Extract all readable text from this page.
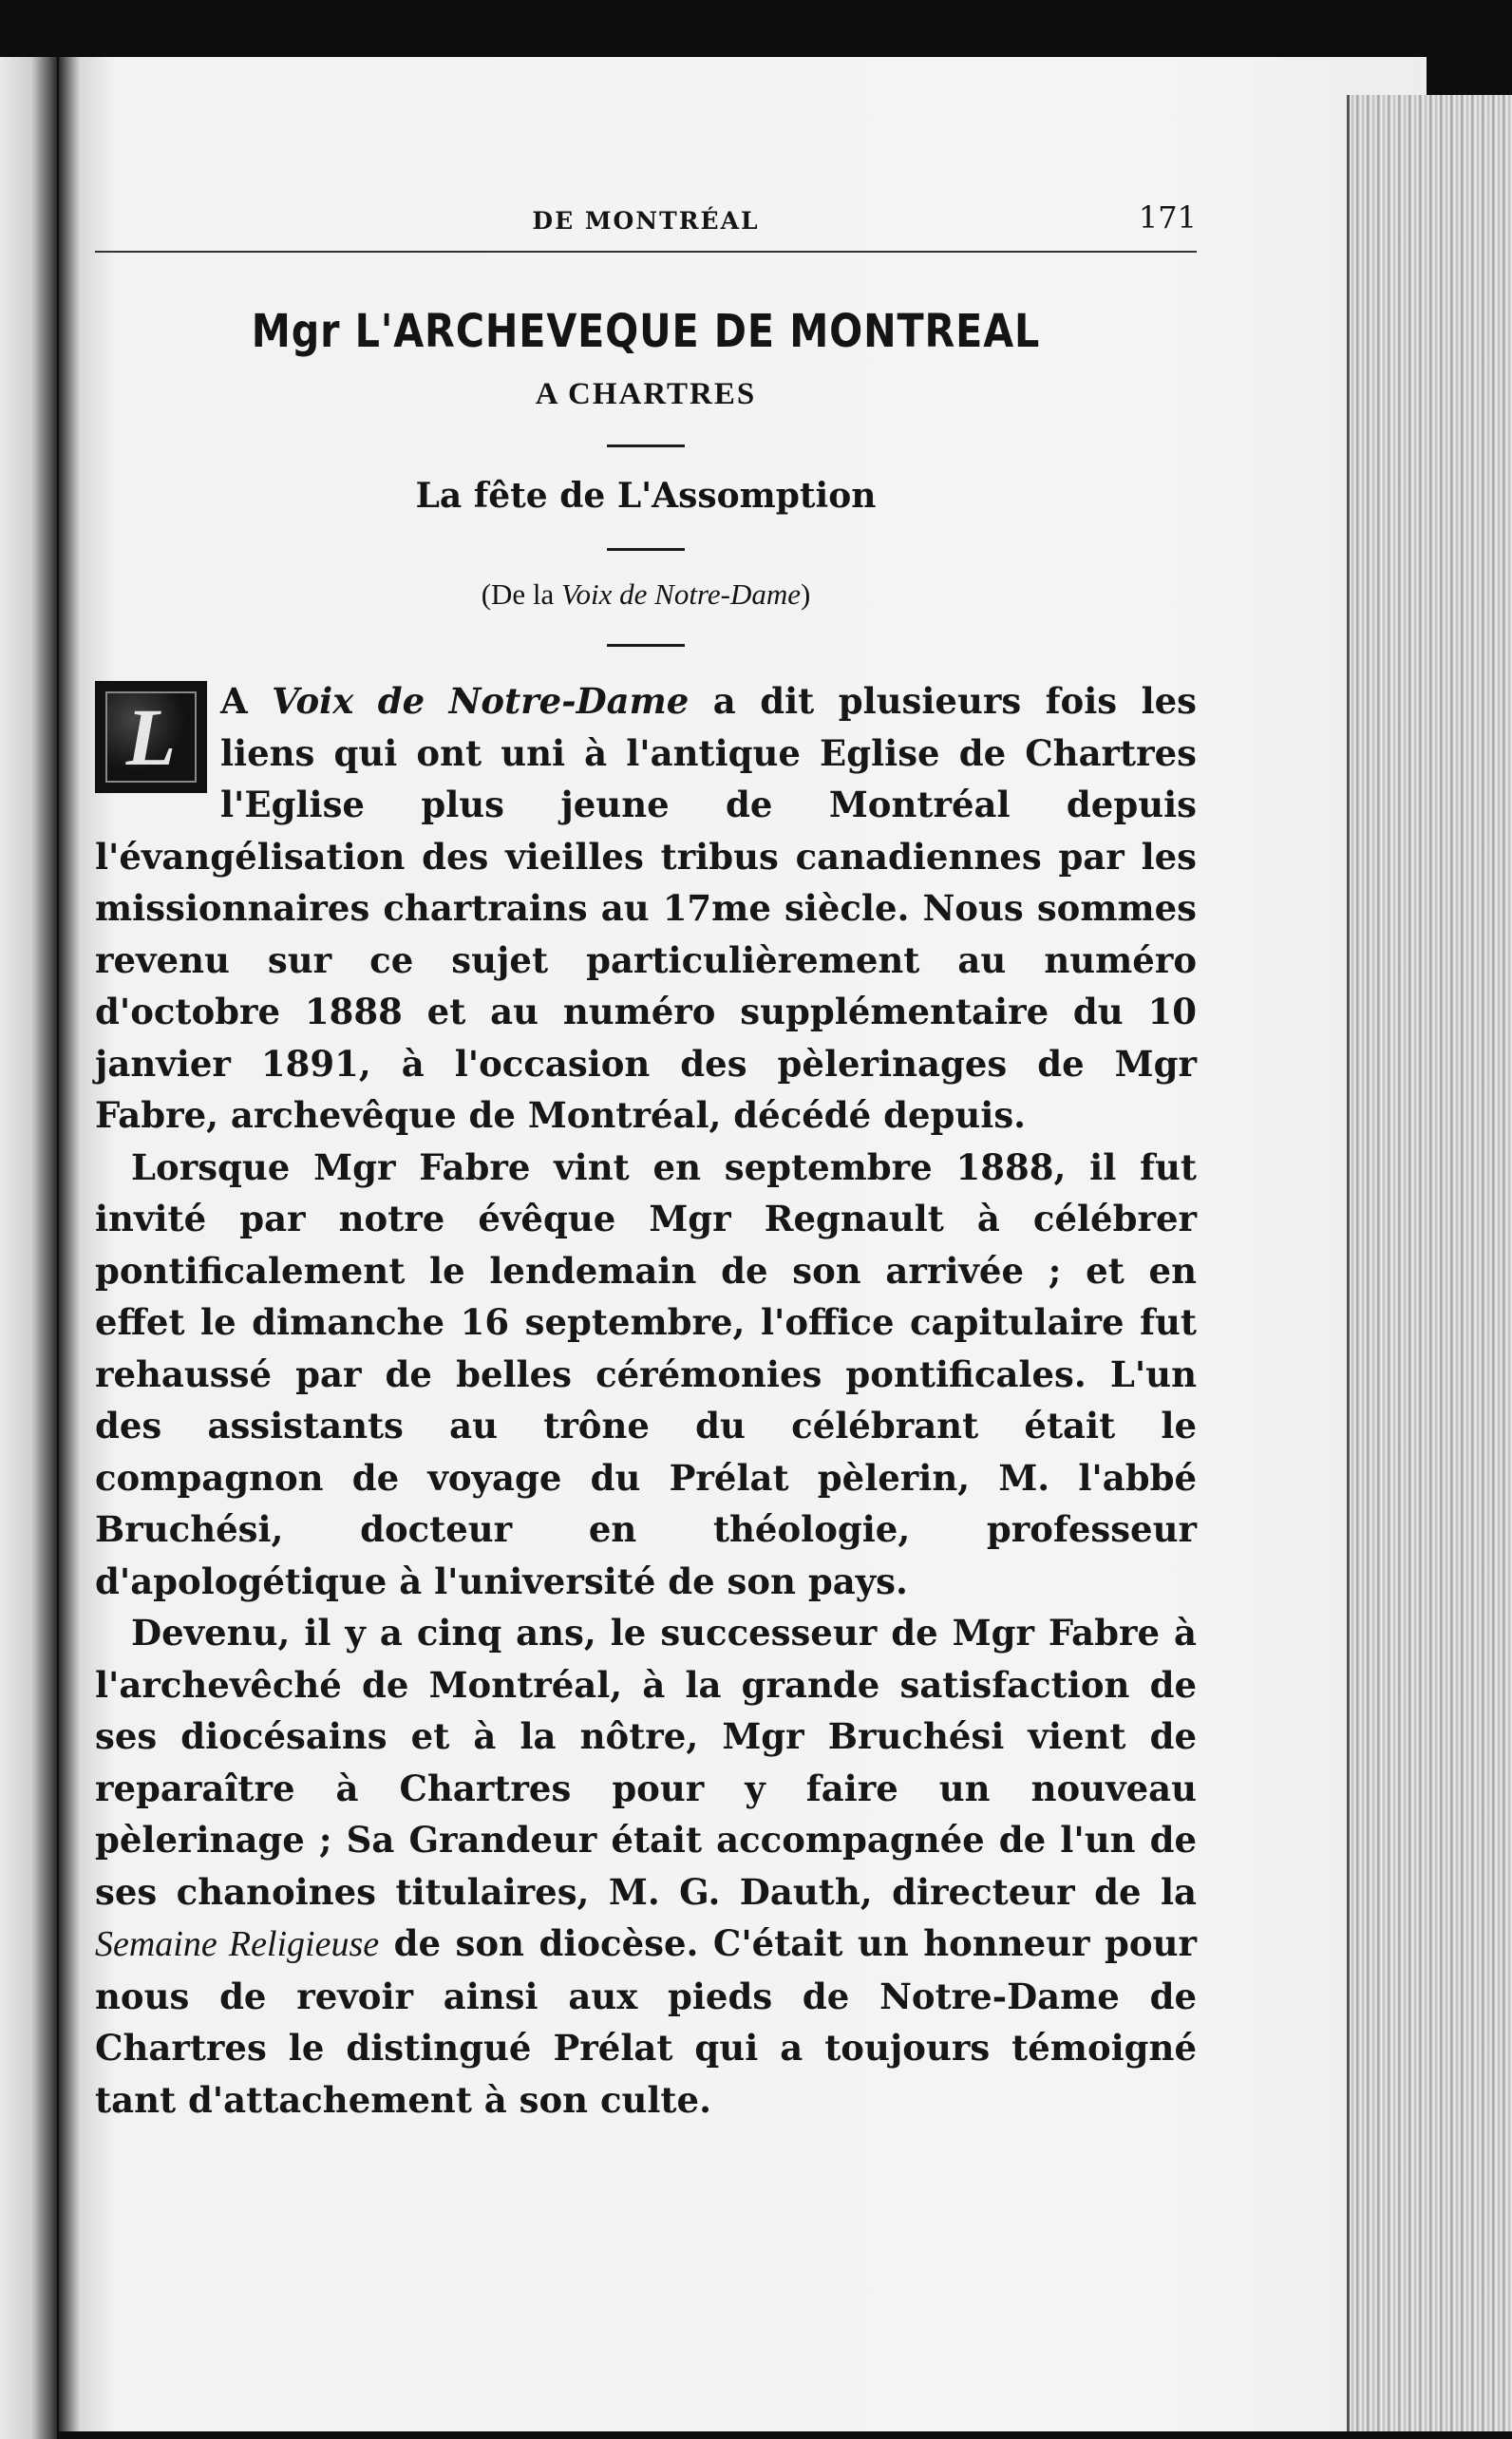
DE MONTRÉAL	171
Mgr L'ARCHEVEQUE DE MONTREAL
A CHARTRES
La fête de L'Assomption
(De la Voix de Notre-Dame)

L	A Voix de Notre-Dame a dit plusieurs fois les liens qui ont uni à l'antique Eglise de Chartres l'Eglise plus jeune de Montréal depuis l'évangélisation des vieilles tribus canadiennes par les missionnaires chartrains au 17me siècle. Nous sommes revenu sur ce sujet particulièrement au numéro d'octobre 1888 et au numéro supplémentaire du 10 janvier 1891, à l'occasion des pèlerinages de Mgr Fabre, archevêque de Montréal, décédé depuis.

Lorsque Mgr Fabre vint en septembre 1888, il fut invité par notre évêque Mgr Regnault à célébrer pontificalement le lendemain de son arrivée ; et en effet le dimanche 16 septembre, l'office capitulaire fut rehaussé par de belles cérémonies pontificales. L'un des assistants au trône du célébrant était le compagnon de voyage du Prélat pèlerin, M. l'abbé Bruchési, docteur en théologie, professeur d'apologétique à l'université de son pays.

Devenu, il y a cinq ans, le successeur de Mgr Fabre à l'archevêché de Montréal, à la grande satisfaction de ses diocésains et à la nôtre, Mgr Bruchési vient de reparaître à Chartres pour y faire un nouveau pèlerinage ; Sa Grandeur était accompagnée de l'un de ses chanoines titulaires, M. G. Dauth, directeur de la Semaine Religieuse de son diocèse. C'était un honneur pour nous de revoir ainsi aux pieds de Notre-Dame de Chartres le distingué Prélat qui a toujours témoigné tant d'attachement à son culte.
